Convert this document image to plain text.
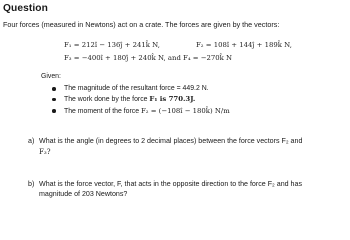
Question
Four forces (measured in Newtons) act on a crate. The forces are given by the vectors:
F₁ = 212î − 136ĵ + 241k̂ N,	F₂ = 108î + 144ĵ + 189k̂ N,
F₃ = −400î + 180ĵ + 240k̂ N, and F₄ = −270k̂ N
Given:
The magnitude of the resultant force = 449.2 N.
The work done by the force F₁ is 770.3J.
The moment of the force F₂ = (−108î − 180k̂) N/m
a) What is the angle (in degrees to 2 decimal places) between the force vectors F₂ and
F₃?
b) What is the force vector, F, that acts in the opposite direction to the force F₂ and has
magnitude of 203 Newtons?
